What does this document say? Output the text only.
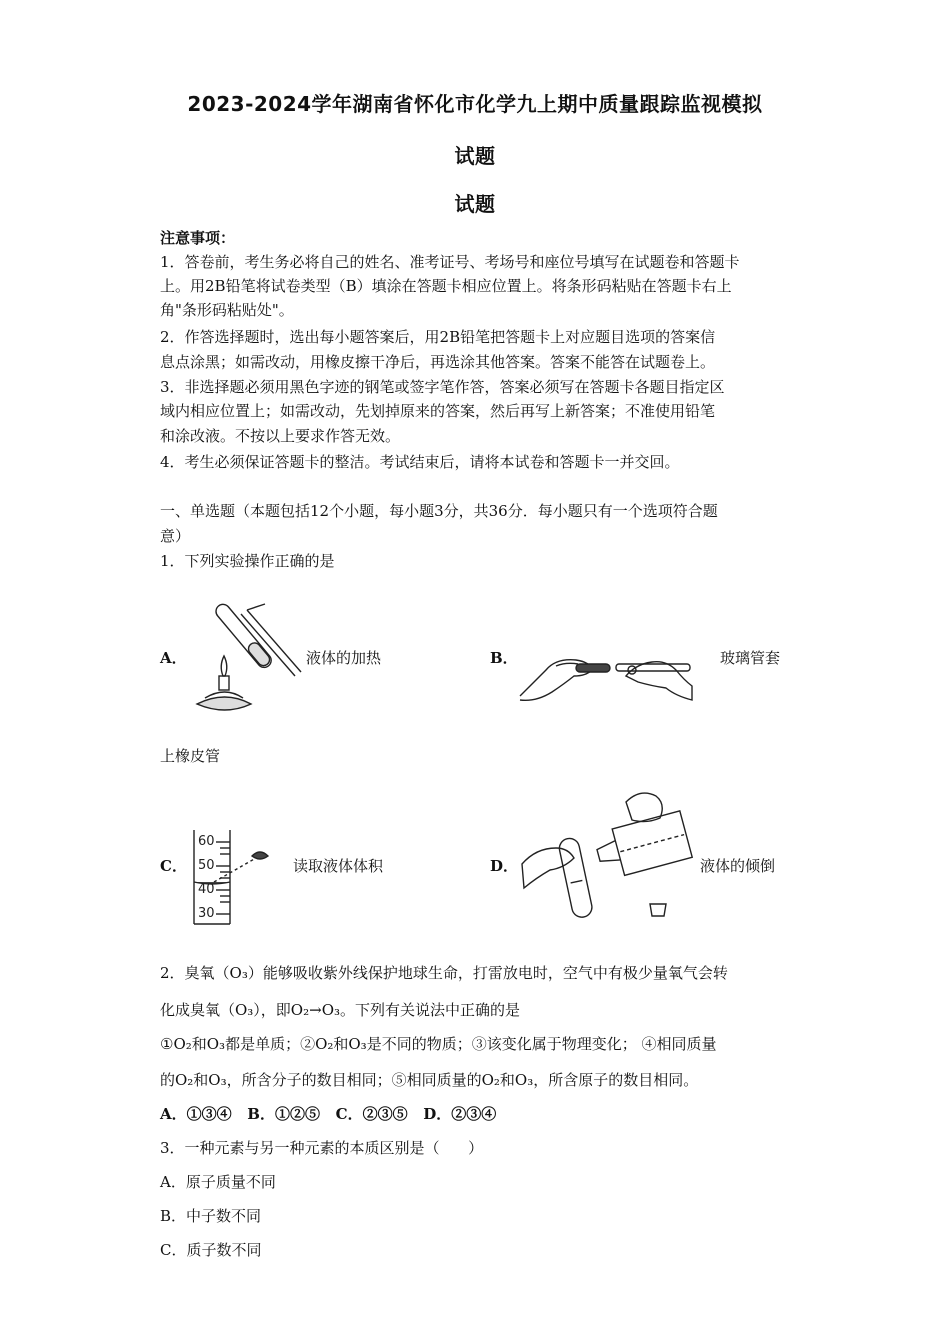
2023-2024学年湖南省怀化市化学九上期中质量跟踪监视模拟
试题
试题
注意事项：
1．答卷前，考生务必将自己的姓名、准考证号、考场号和座位号填写在试题卷和答题卡
上。用2B铅笔将试卷类型（B）填涂在答题卡相应位置上。将条形码粘贴在答题卡右上
角"条形码粘贴处"。
2．作答选择题时，选出每小题答案后，用2B铅笔把答题卡上对应题目选项的答案信
息点涂黑；如需改动，用橡皮擦干净后，再选涂其他答案。答案不能答在试题卷上。
3．非选择题必须用黑色字迹的钢笔或签字笔作答，答案必须写在答题卡各题目指定区
域内相应位置上；如需改动，先划掉原来的答案，然后再写上新答案；不准使用铅笔
和涂改液。不按以上要求作答无效。
4．考生必须保证答题卡的整洁。考试结束后，请将本试卷和答题卡一并交回。
一、单选题（本题包括12个小题，每小题3分，共36分．每小题只有一个选项符合题
意）
1．下列实验操作正确的是
A．	液体的加热	B．	玻璃管套
上橡皮管
C．
60
50
40
30
读取液体体积	D．	液体的倾倒
2．臭氧（O₃）能够吸收紫外线保护地球生命，打雷放电时，空气中有极少量氧气会转
化成臭氧（O₃），即O₂→O₃。下列有关说法中正确的是
①O₂和O₃都是单质；②O₂和O₃是不同的物质；③该变化属于物理变化； ④相同质量
的O₂和O₃，所含分子的数目相同；⑤相同质量的O₂和O₃，所含原子的数目相同。
A．①③④   B．①②⑤   C．②③⑤   D．②③④
3．一种元素与另一种元素的本质区别是（      ）
A．原子质量不同
B．中子数不同
C．质子数不同
